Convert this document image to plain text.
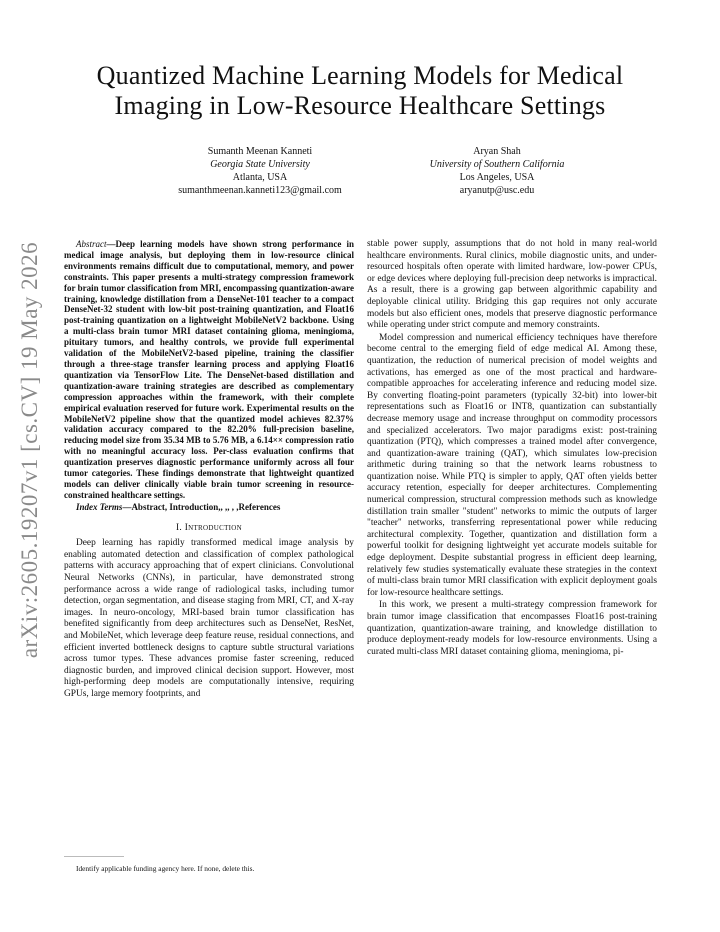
arXiv:2605.19207v1 [cs.CV] 19 May 2026
Quantized Machine Learning Models for Medical Imaging in Low-Resource Healthcare Settings
Sumanth Meenan Kanneti
Georgia State University
Atlanta, USA
sumanthmeenan.kanneti123@gmail.com
Aryan Shah
University of Southern California
Los Angeles, USA
aryanutp@usc.edu

Abstract—Deep learning models have shown strong performance in medical image analysis, but deploying them in low-resource clinical environments remains difficult due to computational, memory, and power constraints. This paper presents a multi-strategy compression framework for brain tumor classification from MRI, encompassing quantization-aware training, knowledge distillation from a DenseNet-101 teacher to a compact DenseNet-32 student with low-bit post-training quantization, and Float16 post-training quantization on a lightweight MobileNetV2 backbone. Using a multi-class brain tumor MRI dataset containing glioma, meningioma, pituitary tumors, and healthy controls, we provide full experimental validation of the MobileNetV2-based pipeline, training the classifier through a three-stage transfer learning process and applying Float16 quantization via TensorFlow Lite. The DenseNet-based distillation and quantization-aware training strategies are described as complementary compression approaches within the framework, with their complete empirical evaluation reserved for future work. Experimental results on the MobileNetV2 pipeline show that the quantized model achieves 82.37% validation accuracy compared to the 82.20% full-precision baseline, reducing model size from 35.34 MB to 5.76 MB, a 6.14×× compression ratio with no meaningful accuracy loss. Per-class evaluation confirms that quantization preserves diagnostic performance uniformly across all four tumor categories. These findings demonstrate that lightweight quantized models can deliver clinically viable brain tumor screening in resource-constrained healthcare settings.

Index Terms—Abstract, Introduction,, ,, , ,References

I. Introduction

Deep learning has rapidly transformed medical image analysis by enabling automated detection and classification of complex pathological patterns with accuracy approaching that of expert clinicians. Convolutional Neural Networks (CNNs), in particular, have demonstrated strong performance across a wide range of radiological tasks, including tumor detection, organ segmentation, and disease staging from MRI, CT, and X-ray images. In neuro-oncology, MRI-based brain tumor classification has benefited significantly from deep architectures such as DenseNet, ResNet, and MobileNet, which leverage deep feature reuse, residual connections, and efficient inverted bottleneck designs to capture subtle structural variations across tumor types. These advances promise faster screening, reduced diagnostic burden, and improved clinical decision support. However, most high-performing deep models are computationally intensive, requiring GPUs, large memory footprints, and

stable power supply, assumptions that do not hold in many real-world healthcare environments. Rural clinics, mobile diagnostic units, and under-resourced hospitals often operate with limited hardware, low-power CPUs, or edge devices where deploying full-precision deep networks is impractical. As a result, there is a growing gap between algorithmic capability and deployable clinical utility. Bridging this gap requires not only accurate models but also efficient ones, models that preserve diagnostic performance while operating under strict compute and memory constraints.

Model compression and numerical efficiency techniques have therefore become central to the emerging field of edge medical AI. Among these, quantization, the reduction of numerical precision of model weights and activations, has emerged as one of the most practical and hardware-compatible approaches for accelerating inference and reducing model size. By converting floating-point parameters (typically 32-bit) into lower-bit representations such as Float16 or INT8, quantization can substantially decrease memory usage and increase throughput on commodity processors and specialized accelerators. Two major paradigms exist: post-training quantization (PTQ), which compresses a trained model after convergence, and quantization-aware training (QAT), which simulates low-precision arithmetic during training so that the network learns robustness to quantization noise. While PTQ is simpler to apply, QAT often yields better accuracy retention, especially for deeper architectures. Complementing numerical compression, structural compression methods such as knowledge distillation train smaller "student" networks to mimic the outputs of larger "teacher" networks, transferring representational power while reducing architectural complexity. Together, quantization and distillation form a powerful toolkit for designing lightweight yet accurate models suitable for edge deployment. Despite substantial progress in efficient deep learning, relatively few studies systematically evaluate these strategies in the context of multi-class brain tumor MRI classification with explicit deployment goals for low-resource healthcare settings.

In this work, we present a multi-strategy compression framework for brain tumor image classification that encompasses Float16 post-training quantization, quantization-aware training, and knowledge distillation to produce deployment-ready models for low-resource environments. Using a curated multi-class MRI dataset containing glioma, meningioma, pi-

Identify applicable funding agency here. If none, delete this.
